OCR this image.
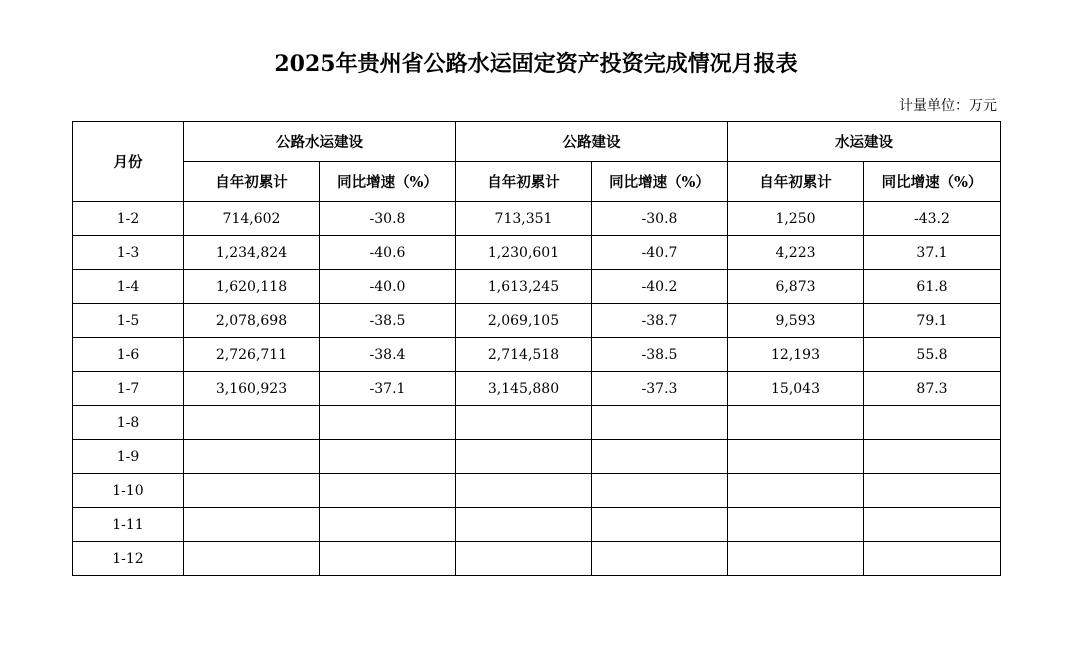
2025年贵州省公路水运固定资产投资完成情况月报表
计量单位：万元
月份	公路水运建设		公路建设		水运建设	
	自年初累计	同比增速（%）	自年初累计	同比增速（%）	自年初累计	同比增速（%）
1-2	714,602	-30.8	713,351	-30.8	1,250	-43.2
1-3	1,234,824	-40.6	1,230,601	-40.7	4,223	37.1
1-4	1,620,118	-40.0	1,613,245	-40.2	6,873	61.8
1-5	2,078,698	-38.5	2,069,105	-38.7	9,593	79.1
1-6	2,726,711	-38.4	2,714,518	-38.5	12,193	55.8
1-7	3,160,923	-37.1	3,145,880	-37.3	15,043	87.3
1-8						
1-9						
1-10						
1-11						
1-12						
